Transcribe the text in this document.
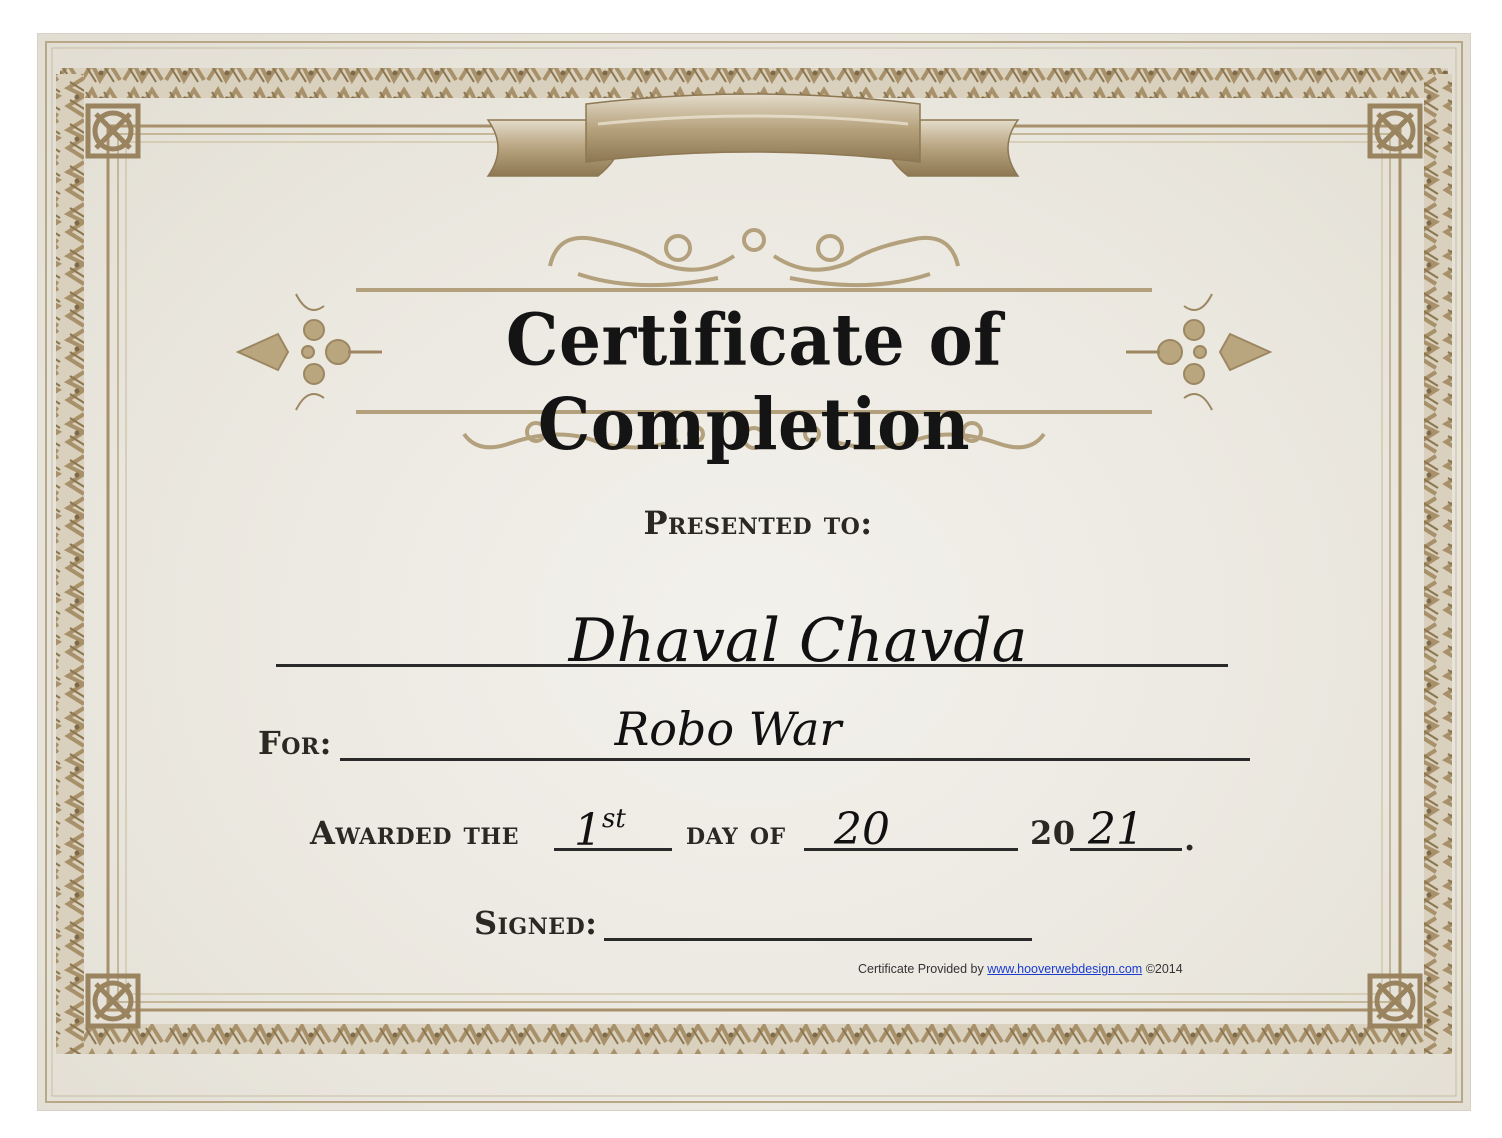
Certificate of Completion
Presented to:
Dhaval Chavda
For:	Robo War
Awarded the 1st day of 20	20 21 .
Signed:
Certificate Provided by www.hooverwebdesign.com ©2014
